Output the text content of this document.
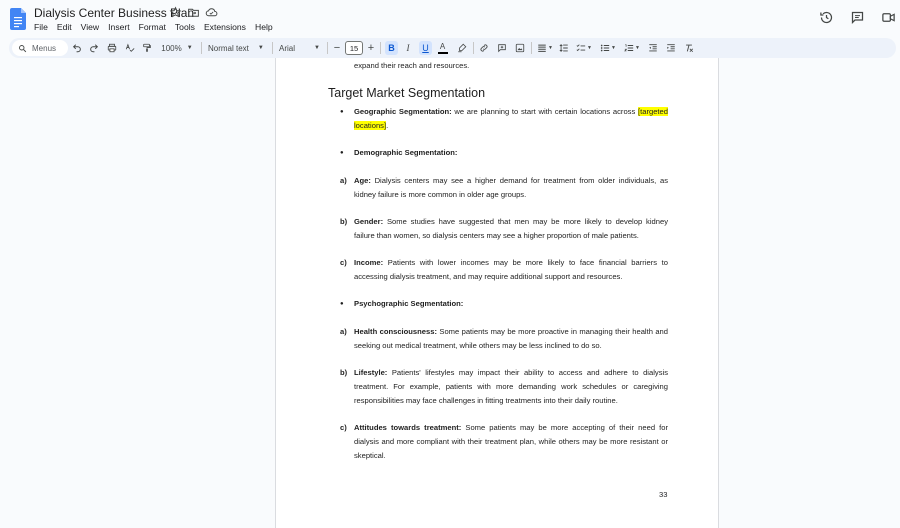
Dialysis Center Business Plan
File Edit View Insert Format Tools Extensions Help
Menus	100% ▼ Normal text ▼ Arial	▼ −	15 + B I U A	▼	▼	▼	▼
expand their reach and resources.
Target Market Segmentation
● Geographic Segmentation: we are planning to start with certain locations across [targeted locations].
● Demographic Segmentation:
a) Age: Dialysis centers may see a higher demand for treatment from older individuals, as kidney failure is more common in older age groups.
b) Gender: Some studies have suggested that men may be more likely to develop kidney failure than women, so dialysis centers may see a higher proportion of male patients.
c) Income: Patients with lower incomes may be more likely to face financial barriers to accessing dialysis treatment, and may require additional support and resources.
● Psychographic Segmentation:
a) Health consciousness: Some patients may be more proactive in managing their health and seeking out medical treatment, while others may be less inclined to do so.
b) Lifestyle: Patients' lifestyles may impact their ability to access and adhere to dialysis treatment. For example, patients with more demanding work schedules or caregiving responsibilities may face challenges in fitting treatments into their daily routine.
c) Attitudes towards treatment: Some patients may be more accepting of their need for dialysis and more compliant with their treatment plan, while others may be more resistant or skeptical.
33
